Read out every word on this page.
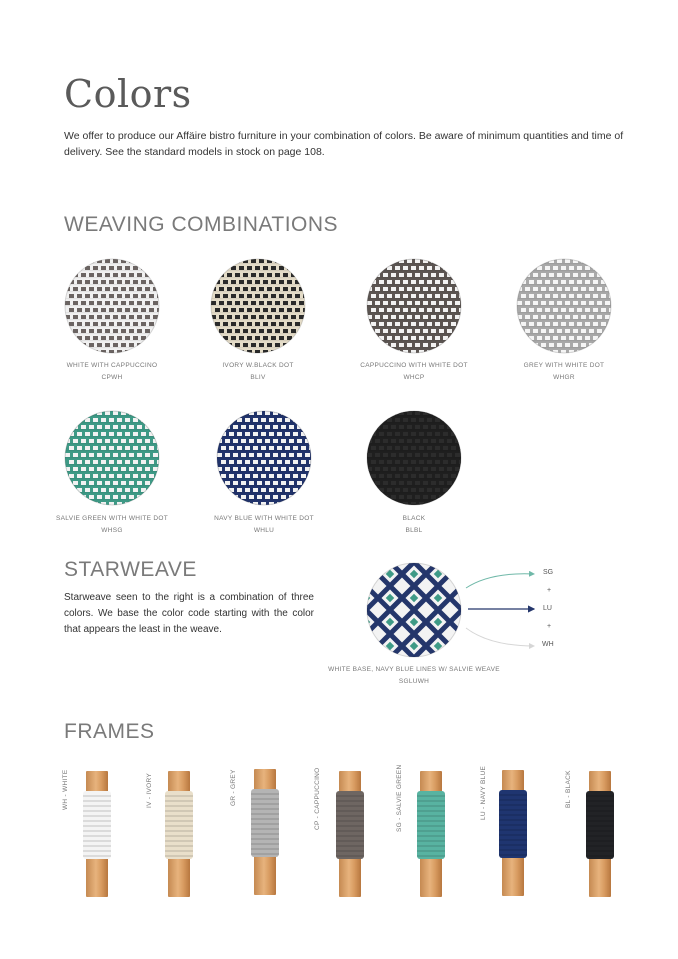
Colors
We offer to produce our Affäire bistro furniture in your combination of colors. Be aware of minimum quantities and time of delivery. See the standard models in stock on page 108.
WEAVING COMBINATIONS
WHITE WITH CAPPUCCINO
CPWH
IVORY W.BLACK DOT
BLIV
CAPPUCCINO WITH WHITE DOT
WHCP
GREY WITH WHITE DOT
WHGR
SALVIE GREEN WITH WHITE DOT
WHSG
NAVY BLUE WITH WHITE DOT
WHLU
BLACK
BLBL
STARWEAVE
Starweave seen to the right is a combination of three colors. We base the color code starting with the color that appears the least in the weave.
SG
+
LU
+
WH
WHITE BASE, NAVY BLUE LINES W/ SALVIE WEAVE
SGLUWH
FRAMES
WH - WHITE	IV - IVORY	GR - GREY	CP - CAPPUCCINO	SG - SALVIE GREEN	LU - NAVY BLUE	BL - BLACK
